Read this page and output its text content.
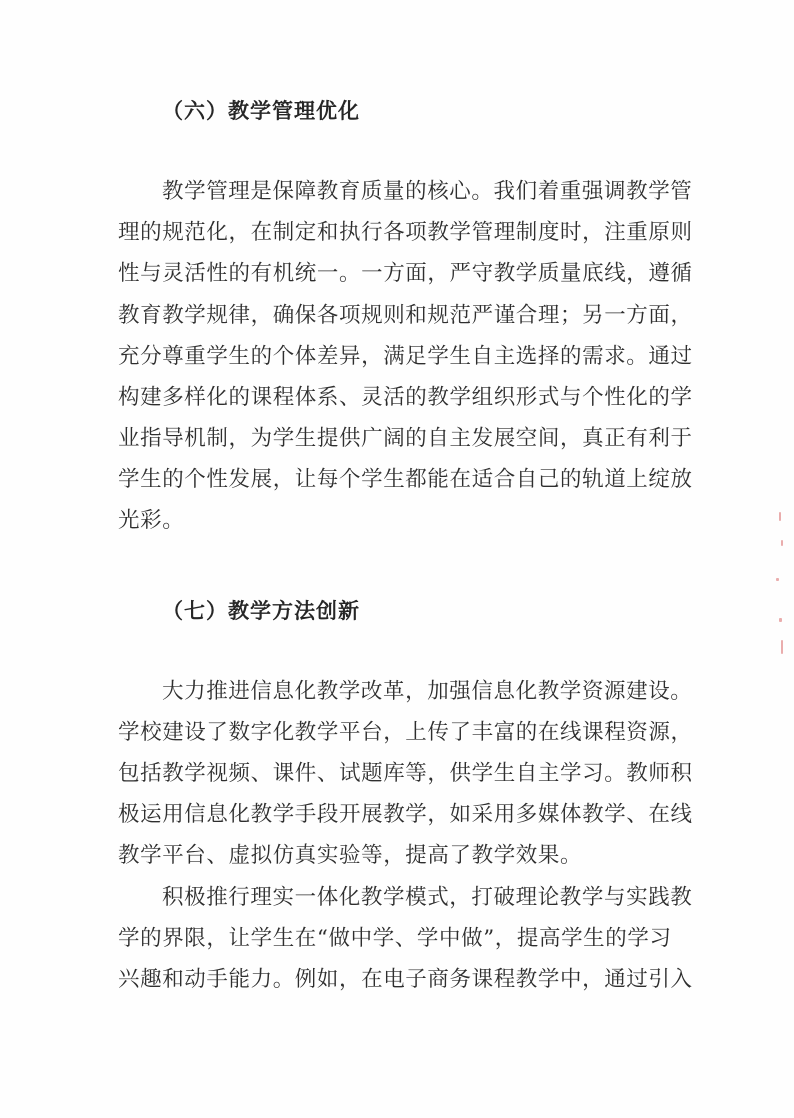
（六）教学管理优化
教学管理是保障教育质量的核心。我们着重强调教学管
理的规范化，在制定和执行各项教学管理制度时，注重原则
性与灵活性的有机统一。一方面，严守教学质量底线，遵循
教育教学规律，确保各项规则和规范严谨合理；另一方面，
充分尊重学生的个体差异，满足学生自主选择的需求。通过
构建多样化的课程体系、灵活的教学组织形式与个性化的学
业指导机制，为学生提供广阔的自主发展空间，真正有利于
学生的个性发展，让每个学生都能在适合自己的轨道上绽放
光彩。
（七）教学方法创新
大力推进信息化教学改革，加强信息化教学资源建设。
学校建设了数字化教学平台，上传了丰富的在线课程资源，
包括教学视频、课件、试题库等，供学生自主学习。教师积
极运用信息化教学手段开展教学，如采用多媒体教学、在线
教学平台、虚拟仿真实验等，提高了教学效果。
积极推行理实一体化教学模式，打破理论教学与实践教
学的界限，让学生在“做中学、学中做”，提高学生的学习
兴趣和动手能力。例如，在电子商务课程教学中，通过引入
